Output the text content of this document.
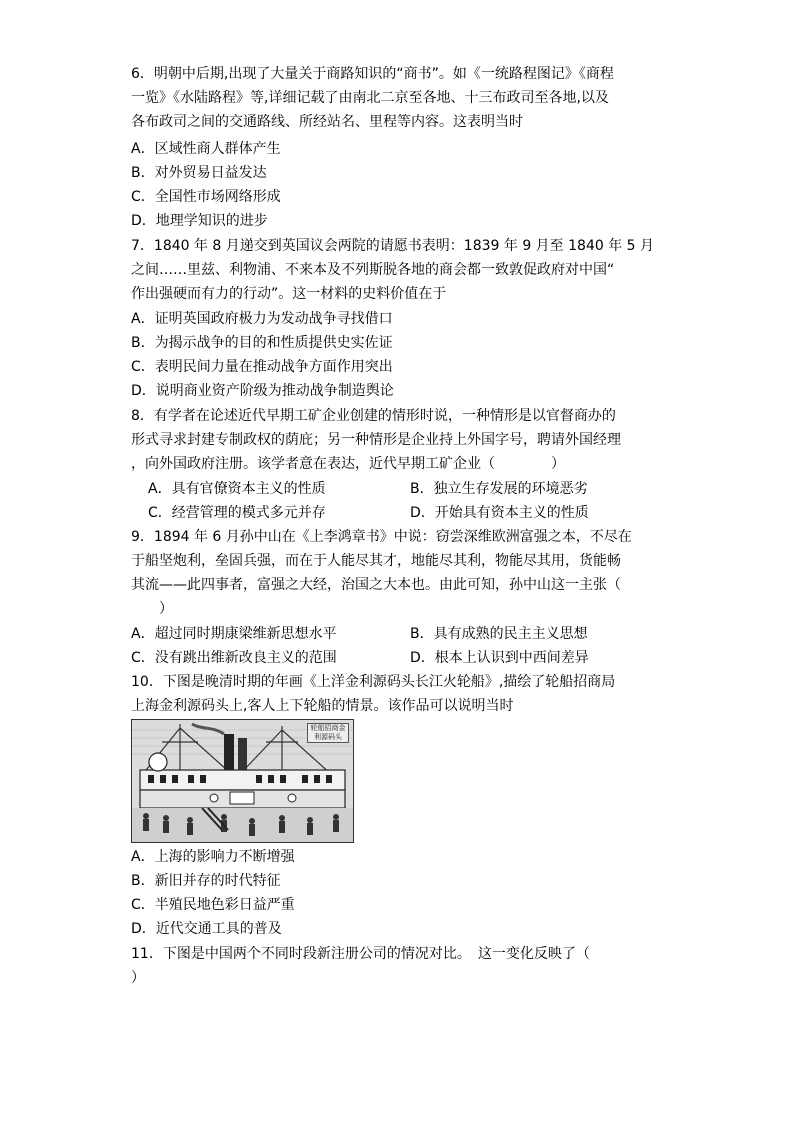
6．明朝中后期,出现了大量关于商路知识的“商书”。如《一统路程图记》《商程
一览》《水陆路程》等,详细记载了由南北二京至各地、十三布政司至各地,以及
各布政司之间的交通路线、所经站名、里程等内容。这表明当时
A．区域性商人群体产生
B．对外贸易日益发达
C．全国性市场网络形成
D．地理学知识的进步
7．1840 年 8 月递交到英国议会两院的请愿书表明：1839 年 9 月至 1840 年 5 月
之间……里兹、利物浦、不来本及不列斯脱各地的商会都一致敦促政府对中国“
作出强硬而有力的行动”。这一材料的史料价值在于
A．证明英国政府极力为发动战争寻找借口
B．为揭示战争的目的和性质提供史实佐证
C．表明民间力量在推动战争方面作用突出
D．说明商业资产阶级为推动战争制造舆论
8．有学者在论述近代早期工矿企业创建的情形时说，一种情形是以官督商办的
形式寻求封建专制政权的荫庇；另一种情形是企业持上外国字号，聘请外国经理
，向外国政府注册。该学者意在表达，近代早期工矿企业（　　　　）
A．具有官僚资本主义的性质	B．独立生存发展的环境恶劣
C．经营管理的模式多元并存	D．开始具有资本主义的性质
9．1894 年 6 月孙中山在《上李鸿章书》中说：窃尝深维欧洲富强之本，不尽在
于船坚炮利，垒固兵强，而在于人能尽其才，地能尽其利，物能尽其用，货能畅
其流——此四事者，富强之大经，治国之大本也。由此可知，孙中山这一主张（
　　）
A．超过同时期康梁维新思想水平	B．具有成熟的民主主义思想
C．没有跳出维新改良主义的范围	D．根本上认识到中西间差异
10．下图是晚清时期的年画《上洋金利源码头长江火轮船》,描绘了轮船招商局
上海金利源码头上,客人上下轮船的情景。该作品可以说明当时
轮船招商金利源码头
A．上海的影响力不断增强
B．新旧并存的时代特征
C．半殖民地色彩日益严重
D．近代交通工具的普及
11．下图是中国两个不同时段新注册公司的情况对比。　这一变化反映了（
）
